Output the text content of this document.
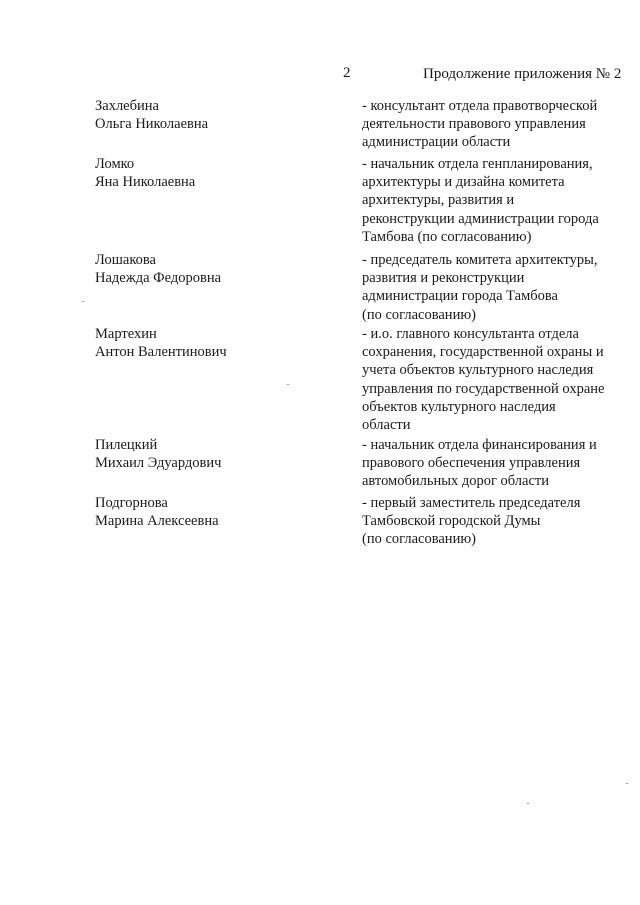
2	Продолжение приложения № 2
Захлебина
Ольга Николаевна
- консультант отдела правотворческой
деятельности правового управления
администрации области
Ломко
Яна Николаевна
- начальник отдела генпланирования,
архитектуры и дизайна комитета
архитектуры, развития и
реконструкции администрации города
Тамбова (по согласованию)
Лошакова
Надежда Федоровна
- председатель комитета архитектуры,
развития и реконструкции
администрации города Тамбова
(по согласованию)
Мартехин
Антон Валентинович
- и.о. главного консультанта отдела
сохранения, государственной охраны и
учета объектов культурного наследия
управления по государственной охране
объектов культурного наследия
области
Пилецкий
Михаил Эдуардович
- начальник отдела финансирования и
правового обеспечения управления
автомобильных дорог области
Подгорнова
Марина Алексеевна
- первый заместитель председателя
Тамбовской городской Думы
(по согласованию)
